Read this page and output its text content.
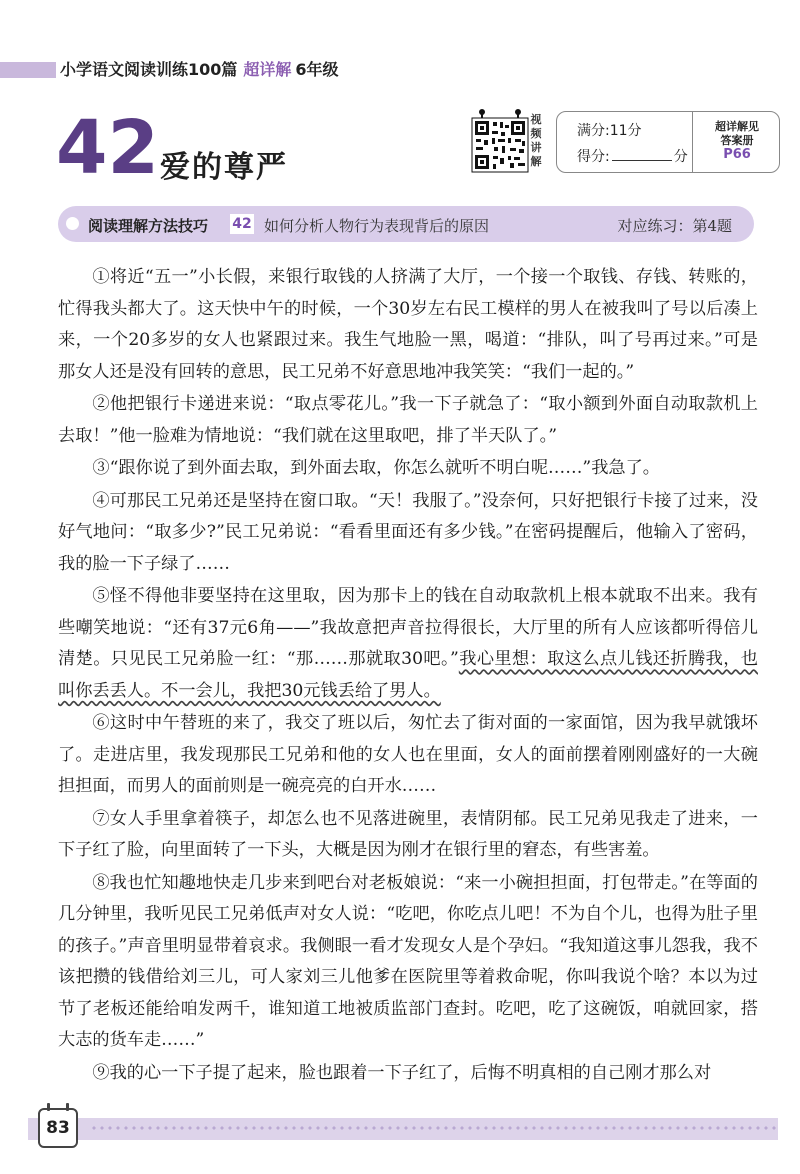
小学语文阅读训练100篇 超详解 6年级
42 爱的尊严
视
频
讲
解
满分:11分
得分:	分
超详解见
答案册
P66
阅读理解方法技巧 42 如何分析人物行为表现背后的原因	对应练习：第4题

①将近“五一”小长假，来银行取钱的人挤满了大厅，一个接一个取钱、存钱、转账的，忙得我头都大了。这天快中午的时候，一个30岁左右民工模样的男人在被我叫了号以后凑上来，一个20多岁的女人也紧跟过来。我生气地脸一黑，喝道：“排队，叫了号再过来。”可是那女人还是没有回转的意思，民工兄弟不好意思地冲我笑笑：“我们一起的。”

②他把银行卡递进来说：“取点零花儿。”我一下子就急了：“取小额到外面自动取款机上去取！”他一脸难为情地说：“我们就在这里取吧，排了半天队了。”

③“跟你说了到外面去取，到外面去取，你怎么就听不明白呢……”我急了。

④可那民工兄弟还是坚持在窗口取。“天！我服了。”没奈何，只好把银行卡接了过来，没好气地问：“取多少?”民工兄弟说：“看看里面还有多少钱。”在密码提醒后，他输入了密码，我的脸一下子绿了……

⑤怪不得他非要坚持在这里取，因为那卡上的钱在自动取款机上根本就取不出来。我有些嘲笑地说：“还有37元6角——”我故意把声音拉得很长，大厅里的所有人应该都听得倍儿清楚。只见民工兄弟脸一红：“那……那就取30吧。”我心里想：取这么点儿钱还折腾我，也叫你丢丢人。不一会儿，我把30元钱丢给了男人。

⑥这时中午替班的来了，我交了班以后，匆忙去了街对面的一家面馆，因为我早就饿坏了。走进店里，我发现那民工兄弟和他的女人也在里面，女人的面前摆着刚刚盛好的一大碗担担面，而男人的面前则是一碗亮亮的白开水……

⑦女人手里拿着筷子，却怎么也不见落进碗里，表情阴郁。民工兄弟见我走了进来，一下子红了脸，向里面转了一下头，大概是因为刚才在银行里的窘态，有些害羞。

⑧我也忙知趣地快走几步来到吧台对老板娘说：“来一小碗担担面，打包带走。”在等面的几分钟里，我听见民工兄弟低声对女人说：“吃吧，你吃点儿吧！不为自个儿，也得为肚子里的孩子。”声音里明显带着哀求。我侧眼一看才发现女人是个孕妇。“我知道这事儿怨我，我不该把攒的钱借给刘三儿，可人家刘三儿他爹在医院里等着救命呢，你叫我说个啥？本以为过节了老板还能给咱发两千，谁知道工地被质监部门查封。吃吧，吃了这碗饭，咱就回家，搭大志的货车走……”

⑨我的心一下子提了起来，脸也跟着一下子红了，后悔不明真相的自己刚才那么对

83
